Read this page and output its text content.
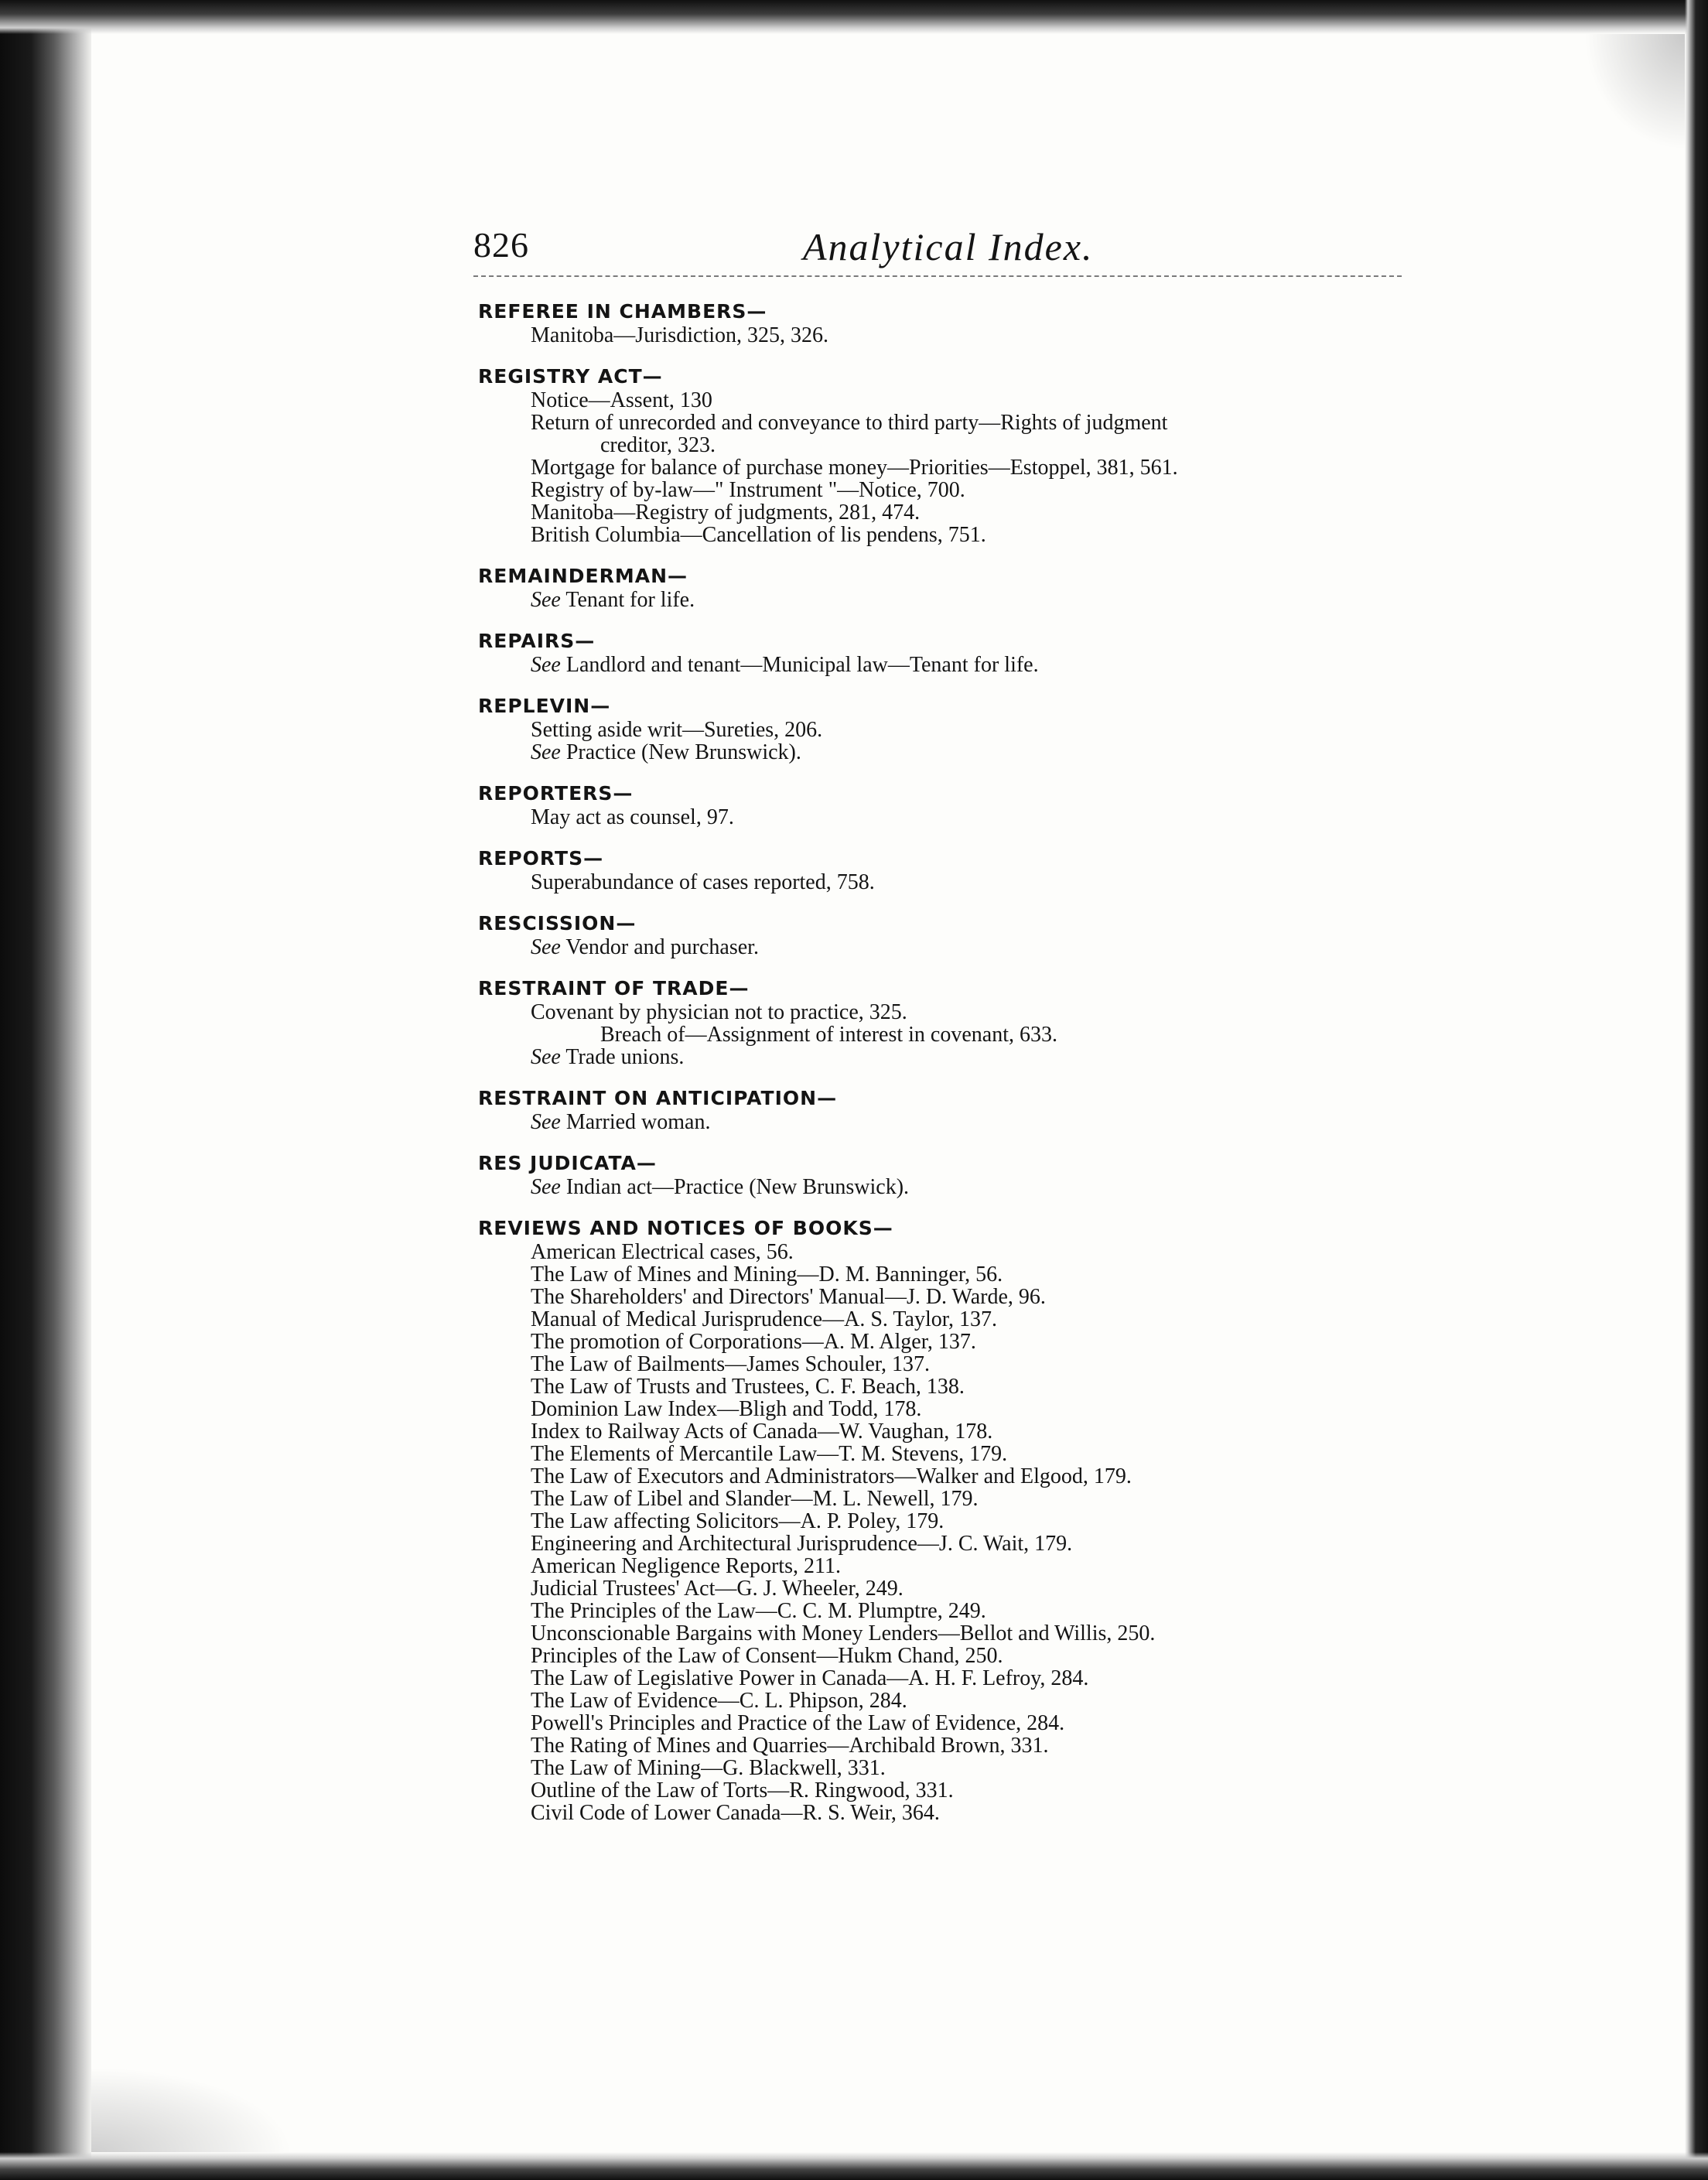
826	Analytical Index.
REFEREE IN CHAMBERS—
Manitoba—Jurisdiction, 325, 326.
REGISTRY ACT—
Notice—Assent, 130
Return of unrecorded and conveyance to third party—Rights of judgment
creditor, 323.
Mortgage for balance of purchase money—Priorities—Estoppel, 381, 561.
Registry of by-law—" Instrument "—Notice, 700.
Manitoba—Registry of judgments, 281, 474.
British Columbia—Cancellation of lis pendens, 751.
REMAINDERMAN—
See Tenant for life.
REPAIRS—
See Landlord and tenant—Municipal law—Tenant for life.
REPLEVIN—
Setting aside writ—Sureties, 206.
See Practice (New Brunswick).
REPORTERS—
May act as counsel, 97.
REPORTS—
Superabundance of cases reported, 758.
RESCISSION—
See Vendor and purchaser.
RESTRAINT OF TRADE—
Covenant by physician not to practice, 325.
Breach of—Assignment of interest in covenant, 633.
See Trade unions.
RESTRAINT ON ANTICIPATION—
See Married woman.
RES JUDICATA—
See Indian act—Practice (New Brunswick).
REVIEWS AND NOTICES OF BOOKS—
American Electrical cases, 56.
The Law of Mines and Mining—D. M. Banninger, 56.
The Shareholders' and Directors' Manual—J. D. Warde, 96.
Manual of Medical Jurisprudence—A. S. Taylor, 137.
The promotion of Corporations—A. M. Alger, 137.
The Law of Bailments—James Schouler, 137.
The Law of Trusts and Trustees, C. F. Beach, 138.
Dominion Law Index—Bligh and Todd, 178.
Index to Railway Acts of Canada—W. Vaughan, 178.
The Elements of Mercantile Law—T. M. Stevens, 179.
The Law of Executors and Administrators—Walker and Elgood, 179.
The Law of Libel and Slander—M. L. Newell, 179.
The Law affecting Solicitors—A. P. Poley, 179.
Engineering and Architectural Jurisprudence—J. C. Wait, 179.
American Negligence Reports, 211.
Judicial Trustees' Act—G. J. Wheeler, 249.
The Principles of the Law—C. C. M. Plumptre, 249.
Unconscionable Bargains with Money Lenders—Bellot and Willis, 250.
Principles of the Law of Consent—Hukm Chand, 250.
The Law of Legislative Power in Canada—A. H. F. Lefroy, 284.
The Law of Evidence—C. L. Phipson, 284.
Powell's Principles and Practice of the Law of Evidence, 284.
The Rating of Mines and Quarries—Archibald Brown, 331.
The Law of Mining—G. Blackwell, 331.
Outline of the Law of Torts—R. Ringwood, 331.
Civil Code of Lower Canada—R. S. Weir, 364.
